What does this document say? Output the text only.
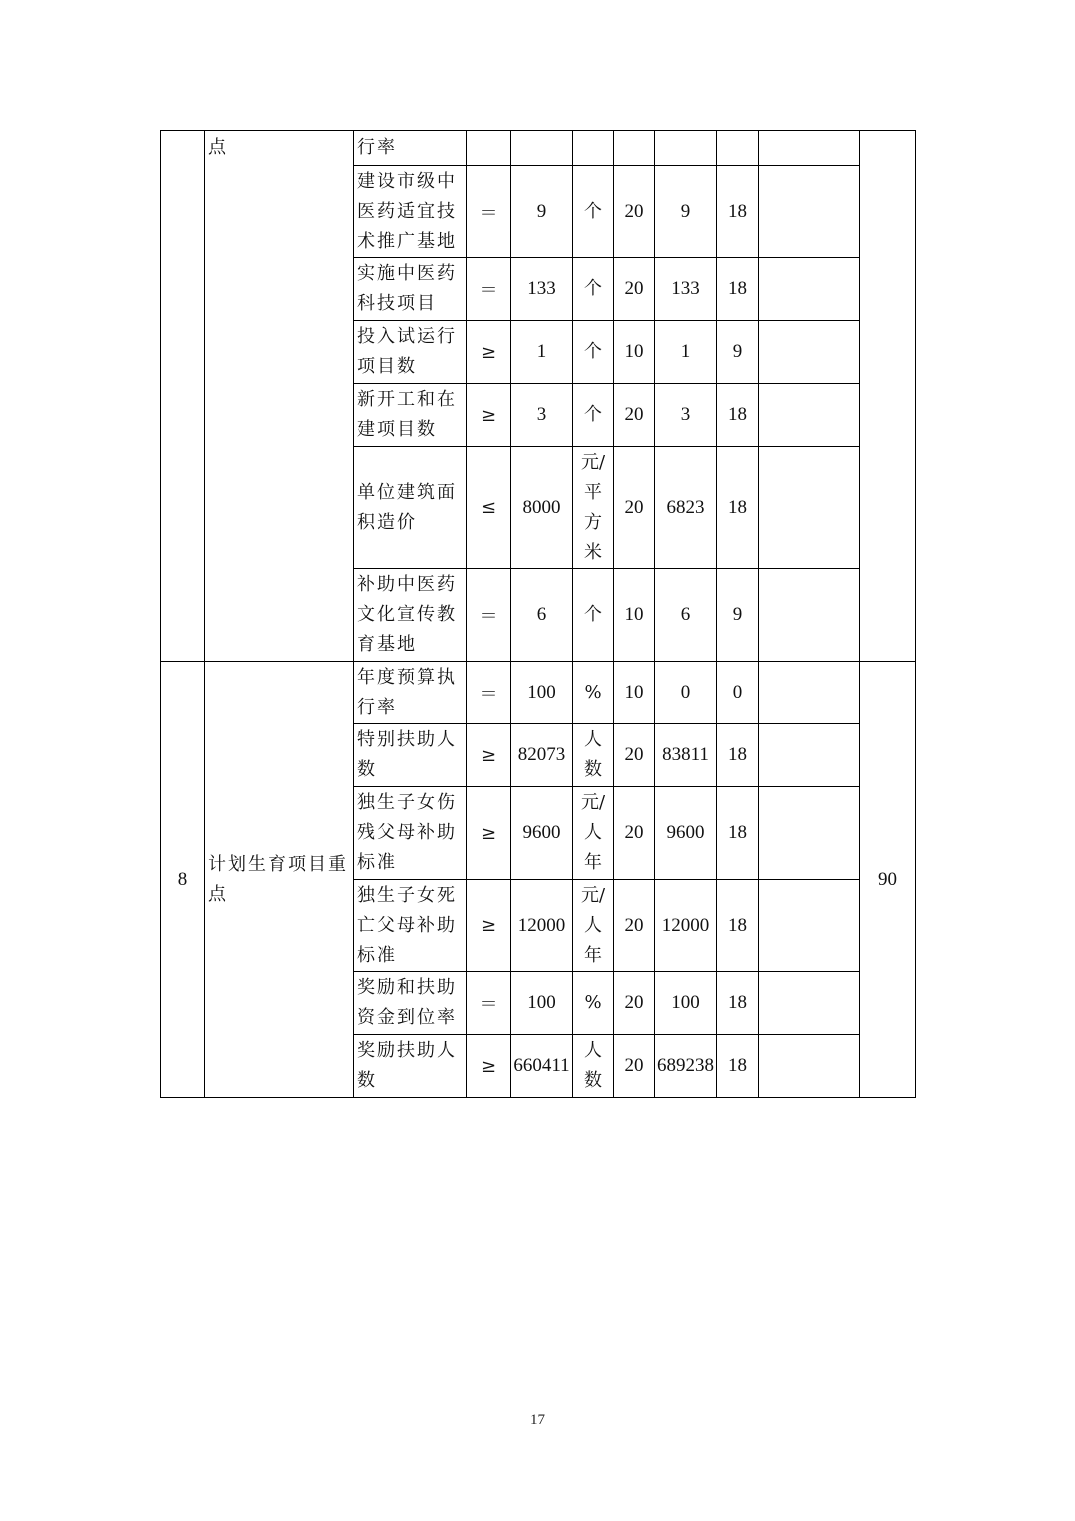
	点	行率								
		建设市级中医药适宜技术推广基地	＝	9	个	20	9	18		
		实施中医药科技项目	＝	133	个	20	133	18		
		投入试运行项目数	≥	1	个	10	1	9		
		新开工和在建项目数	≥	3	个	20	3	18		
		单位建筑面积造价	≤	8000	元/平方米	20	6823	18		
		补助中医药文化宣传教育基地	＝	6	个	10	6	9		
8	计划生育项目重点	年度预算执行率	＝	100	%	10	0	0		90
		特别扶助人数	≥	82073	人数	20	83811	18		
		独生子女伤残父母补助标准	≥	9600	元/人年	20	9600	18		
		独生子女死亡父母补助标准	≥	12000	元/人年	20	12000	18		
		奖励和扶助资金到位率	＝	100	%	20	100	18		
		奖励扶助人数	≥	660411	人数	20	689238	18		
17
